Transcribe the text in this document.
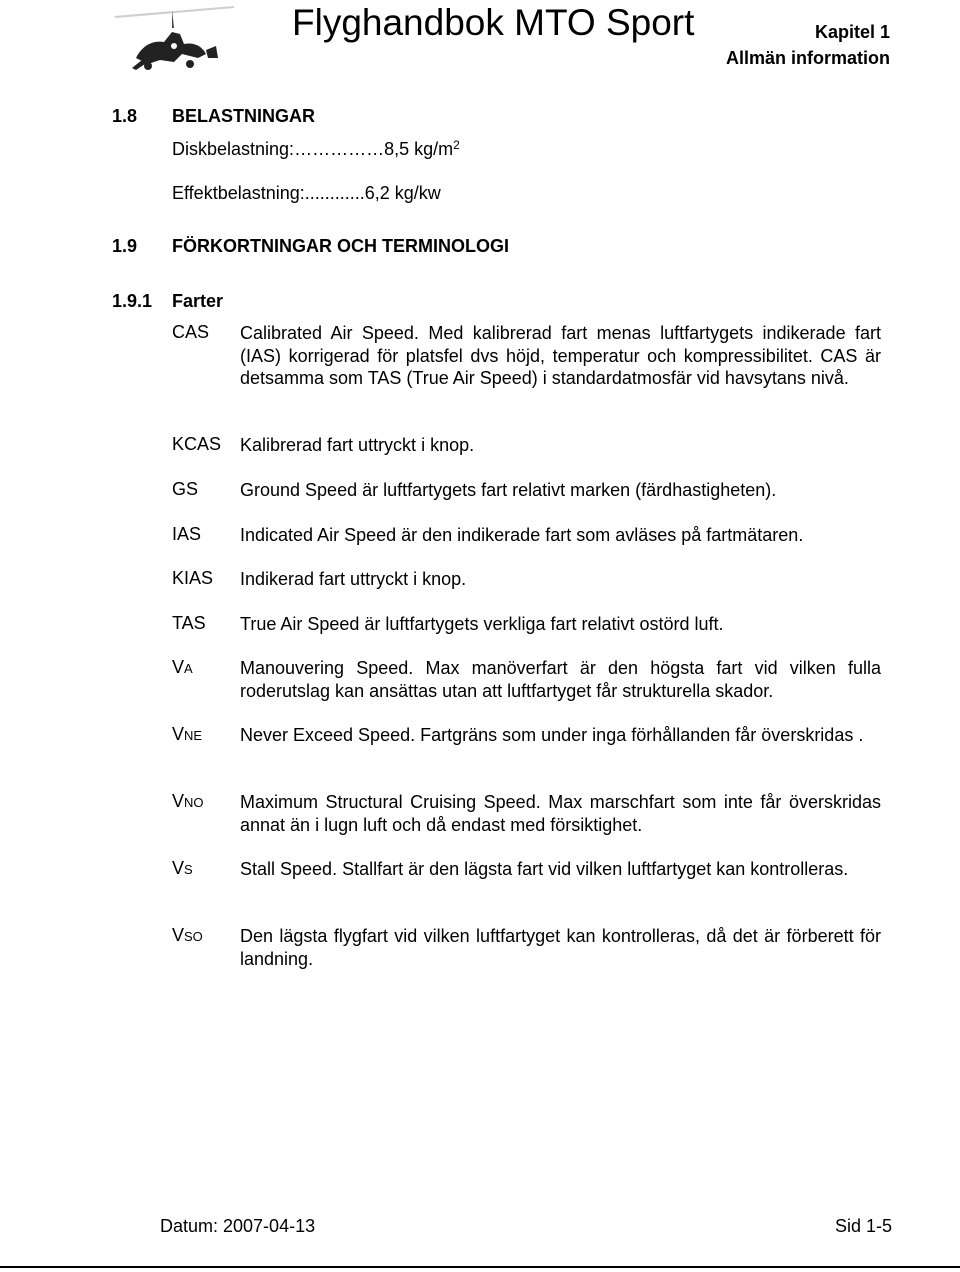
Flyghandbok MTO Sport	Kapitel 1
Allmän information
1.8 BELASTNINGAR
Diskbelastning:……………8,5 $kg/m^2$
Effektbelastning:............6,2 kg/kw
1.9 FÖRKORTNINGAR OCH TERMINOLOGI
1.9.1 Farter
CAS Calibrated Air Speed. Med kalibrerad fart menas luftfartygets indikerade fart (IAS) korrigerad för platsfel dvs höjd, temperatur och kompressibilitet. CAS är detsamma som TAS (True Air Speed) i standardatmosfär vid havsytans nivå.
KCAS Kalibrerad fart uttryckt i knop.
GS Ground Speed är luftfartygets fart relativt marken (färdhastigheten).
IAS Indicated Air Speed är den indikerade fart som avläses på fartmätaren.
KIAS Indikerad fart uttryckt i knop.
TAS True Air Speed är luftfartygets verkliga fart relativt ostörd luft.
VA	Manouvering Speed. Max manöverfart är den högsta fart vid vilken fulla roderutslag kan ansättas utan att luftfartyget får strukturella skador.
VNE Never Exceed Speed. Fartgräns som under inga förhållanden får överskridas .
VNO Maximum Structural Cruising Speed. Max marschfart som inte får överskridas annat än i lugn luft och då endast med försiktighet.
VS	Stall Speed. Stallfart är den lägsta fart vid vilken luftfartyget kan kontrolleras.
VSO Den lägsta flygfart vid vilken luftfartyget kan kontrolleras, då det är förberett för landning.
Datum: 2007-04-13	Sid 1-5
